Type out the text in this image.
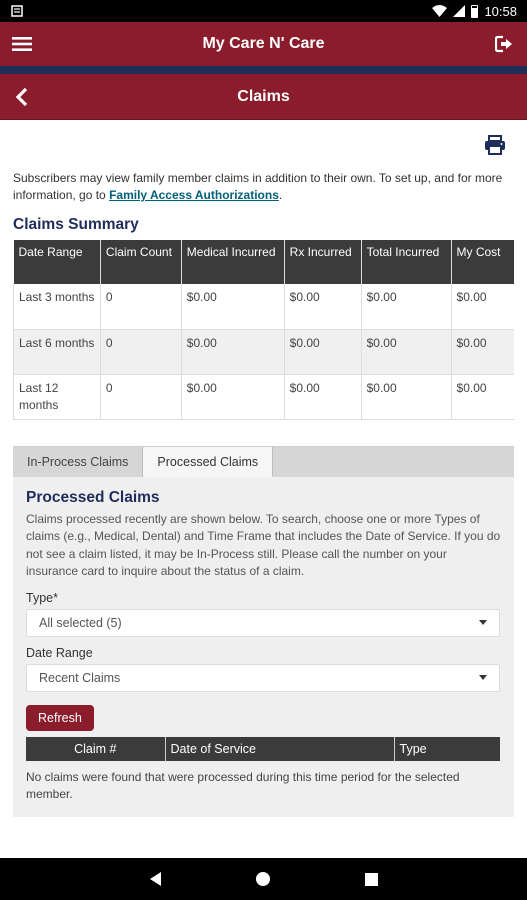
10:58
My Care N' Care
Claims

Subscribers may view family member claims in addition to their own. To set up, and for more information, go to Family Access Authorizations.

Claims Summary
Date Range	Claim Count	Medical Incurred	Rx Incurred	Total Incurred	My Cost
Last 3 months	0	$0.00	$0.00	$0.00	$0.00
Last 6 months	0	$0.00	$0.00	$0.00	$0.00
Last 12 months	0	$0.00	$0.00	$0.00	$0.00
In-Process Claims	Processed Claims
Processed Claims

Claims processed recently are shown below. To search, choose one or more Types of claims (e.g., Medical, Dental) and Time Frame that includes the Date of Service. If you do not see a claim listed, it may be In-Process still. Please call the number on your insurance card to inquire about the status of a claim.

Type*
All selected (5)
Date Range
Recent Claims
Refresh
Claim #	Date of Service	Type

No claims were found that were processed during this time period for the selected member.
